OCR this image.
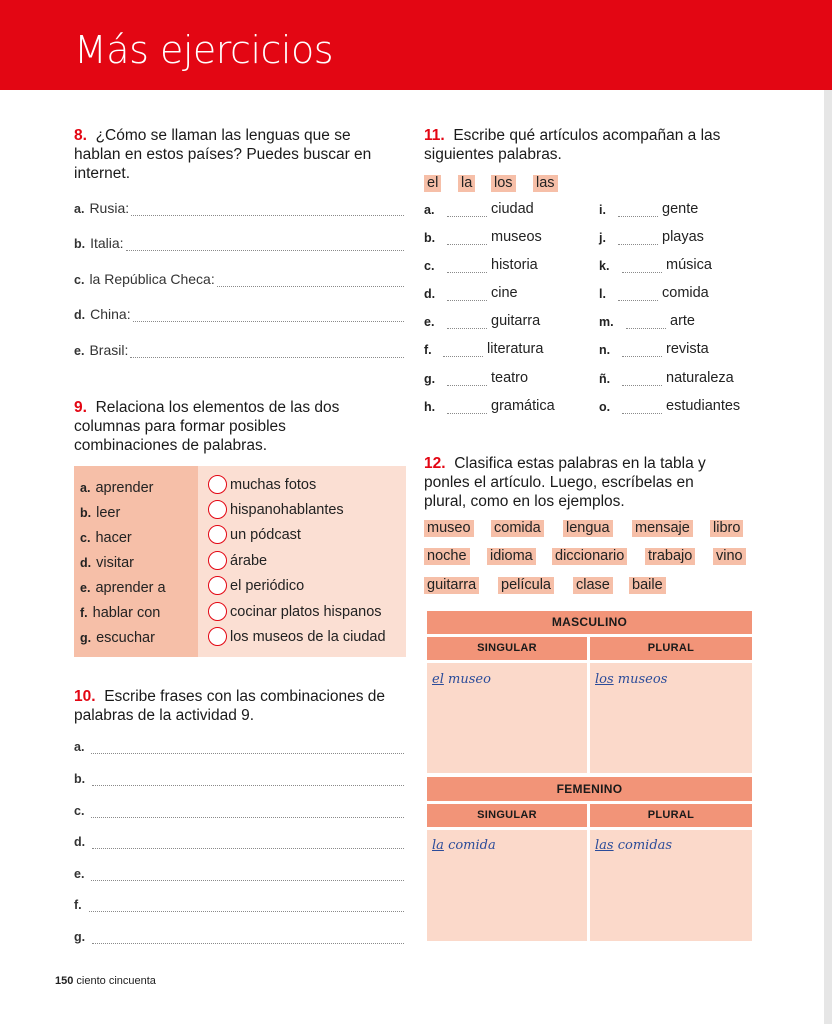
Más ejercicios
8. ¿Cómo se llaman las lenguas que se hablan en estos países? Puedes buscar en internet.
a. Rusia:
b. Italia:
c. la República Checa:
d. China:
e. Brasil:
9. Relaciona los elementos de las dos columnas para formar posibles combinaciones de palabras.
a. aprender
b. leer
c. hacer
d. visitar
e. aprender a
f. hablar con
g. escuchar
muchas fotos
hispanohablantes
un pódcast
árabe
el periódico
cocinar platos hispanos
los museos de la ciudad
10. Escribe frases con las combinaciones de palabras de la actividad 9.
a.
b.
c.
d.
e.
f.
g.
11. Escribe qué artículos acompañan a las siguientes palabras.
el la los las
a.	ciudad
b.	museos
c.	historia
d.	cine
e.	guitarra
f.	literatura
g.	teatro
h.	gramática
i.	gente
j.	playas
k.	música
l.	comida
m.	arte
n.	revista
ñ.	naturaleza
o.	estudiantes
12. Clasifica estas palabras en la tabla y ponles el artículo. Luego, escríbelas en plural, como en los ejemplos.
museo comida lengua mensaje libro
noche idioma diccionario trabajo vino
guitarra película clase baile
MASCULINO
SINGULAR	PLURAL
el museo	los museos
FEMENINO
SINGULAR	PLURAL
la comida	las comidas
150 ciento cincuenta
